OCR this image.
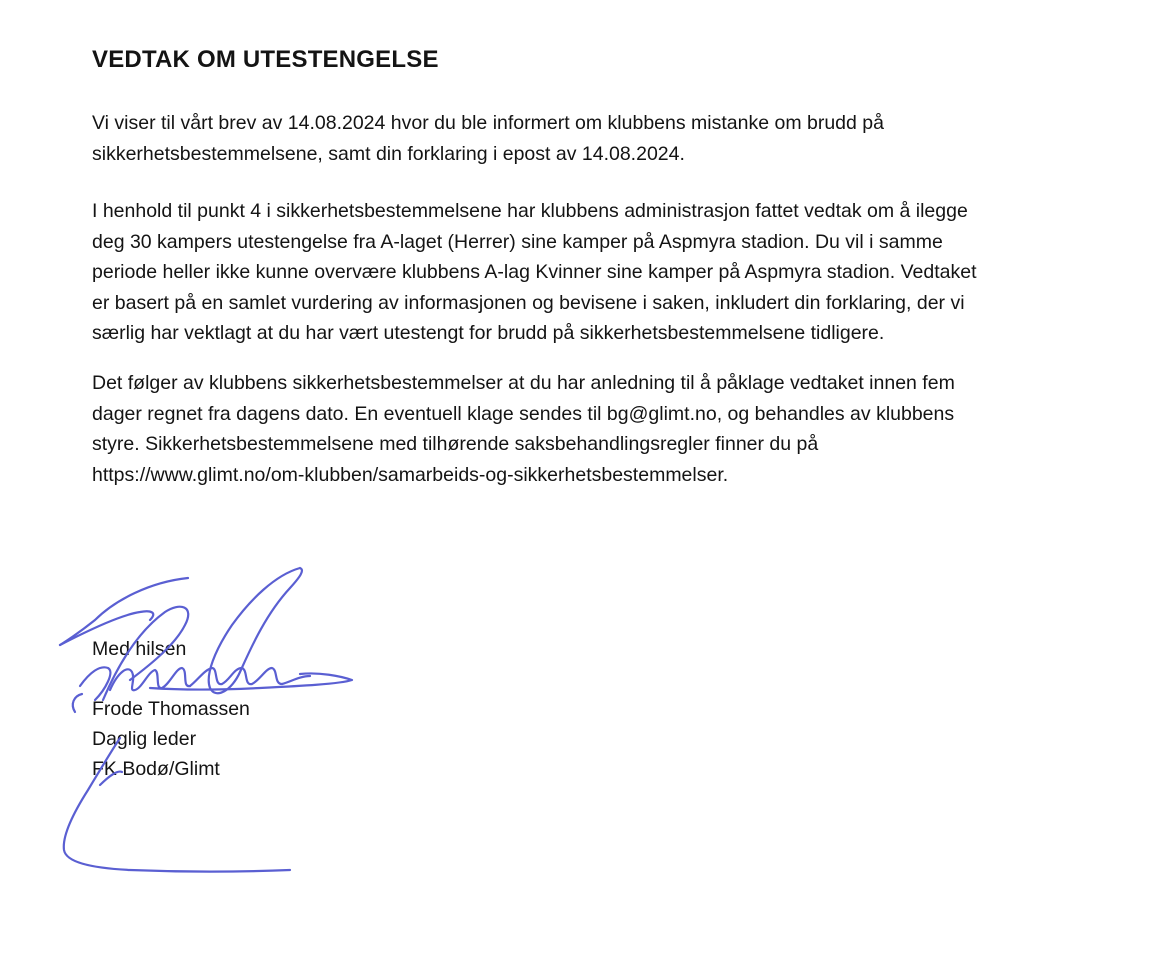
VEDTAK OM UTESTENGELSE

Vi viser til vårt brev av 14.08.2024 hvor du ble informert om klubbens mistanke om brudd på
sikkerhetsbestemmelsene, samt din forklaring i epost av 14.08.2024.

I henhold til punkt 4 i sikkerhetsbestemmelsene har klubbens administrasjon fattet vedtak om å ilegge
deg 30 kampers utestengelse fra A-laget (Herrer) sine kamper på Aspmyra stadion. Du vil i samme
periode heller ikke kunne overvære klubbens A-lag Kvinner sine kamper på Aspmyra stadion. Vedtaket
er basert på en samlet vurdering av informasjonen og bevisene i saken, inkludert din forklaring, der vi
særlig har vektlagt at du har vært utestengt for brudd på sikkerhetsbestemmelsene tidligere.

Det følger av klubbens sikkerhetsbestemmelser at du har anledning til å påklage vedtaket innen fem
dager regnet fra dagens dato. En eventuell klage sendes til bg@glimt.no, og behandles av klubbens
styre. Sikkerhetsbestemmelsene med tilhørende saksbehandlingsregler finner du på
https://www.glimt.no/om-klubben/samarbeids-og-sikkerhetsbestemmelser.

Med hilsen
Frode Thomassen
Daglig leder
FK Bodø/Glimt
